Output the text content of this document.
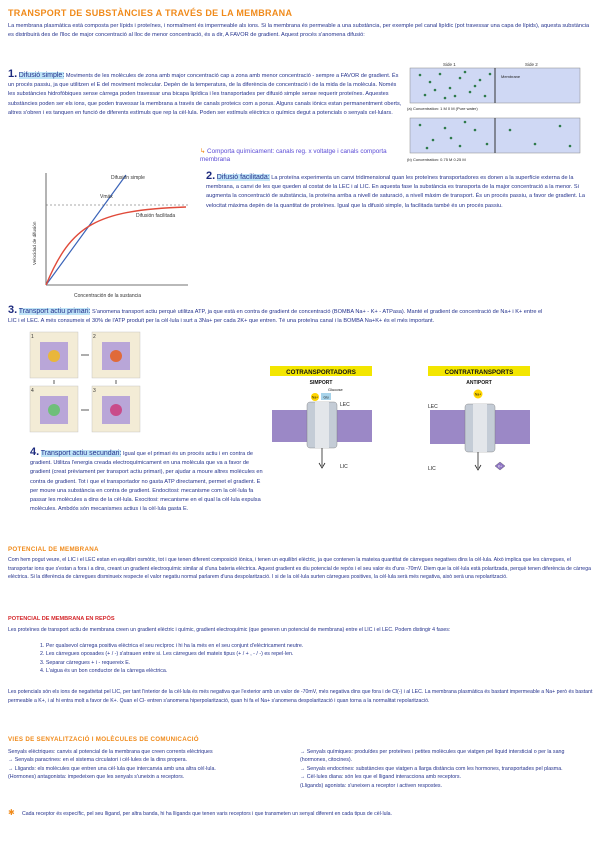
TRANSPORT DE SUBSTÀNCIES A TRAVÉS DE LA MEMBRANA
La membrana plasmàtica està composta per lípids i proteïnes, i normalment és impermeable als ions. Si la membrana és permeable a una substància, per exemple pel canal lipídic (pot travessar una capa de lípids), aquesta substància es distribuirà des de l'lloc de major concentració al lloc de menor concentració, és a dir, A FAVOR de gradient. Aquest procés s'anomena difusió:
1. Difusió simple: Moviments de les molècules de zona amb major concentració cap a zona amb menor concentració - sempre a FAVOR de gradient. És un procés passiu, ja que utilitzen el E del moviment molecular. Depèn de la temperatura, de la diferència de concentració i de la mida de la molècula. Només les substàncies hidrofòbiques sense càrrega poden travessar una bicapa lipídica i les transportades per difusió simple sense requerir proteïnes. Aquestes substàncies poden ser els ions, que poden travessar la membrana a través de canals proteics com a porus. Alguns canals iònics estan permanentment oberts, altres s'obren i es tanquen en funció de diferents estímuls que rep la cèl·lula. Poden ser estímuls elèctrics o químics degut a potencials o senyals cel·lulars.
↳ Comporta químicament: canals reg. x voltatge i canals comporta membrana
Side 1	Side 2
Membrane
(a) Concentration: 1 M 0 M (Pure water)
(b) Concentration: 0.75 M 0.25 M
Difusión simple
Vmáx
Difusión facilitada
Velocidad de difusión
Concentración de la sustancia
2. Difusió facilitada: La proteïna experimenta un canvi tridimensional quan les proteïnes transportadores es donen a la superfície externa de la membrana, a canvi de les que queden al costat de la LEC i al LIC. En aquesta fase la substància es transporta de la major concentració a la menor. Si augmenta la concentració de substància, la proteïna arriba a nivell de saturació, a nivell màxim de transport. És un procés passiu, a favor de gradient. La velocitat màxima depèn de la quantitat de proteïnes. Igual que la difusió simple, la facilitada també és un procés passiu.
3. Transport actiu primari: S'anomena transport actiu perquè utilitza ATP, ja que està en contra de gradient de concentració (BOMBA Na+ - K+ - ATPasa). Manté el gradient de concentració de Na+ i K+ entre el LIC i el LEC. A més consumeix el 30% de l'ATP produït per la cèl·lula i surt a 3Na+ per cada 2K+ que entren. Té una proteïna canal i la BOMBA Na+K+ és el més important.
1	2
4	3
COTRANSPORTADORS
SIMPORT
Glucose
Na+ Glu
LEC
LIC
CONTRATRANSPORTS
ANTIPORT
Na+
LEC
LIC	K+
4. Transport actiu secundari: Igual que el primari és un procés actiu i en contra de gradient. Utilitza l'energia creada electroquímicament en una molècula que va a favor de gradient (creat prèviament per transport actiu primari), per ajudar a moure altres molècules en contra de gradient. Tot i que el transportador no gasta ATP directament, permet el gradient. E per moure una substància en contra de gradient. Endocitosi: mecanisme com la cèl·lula fa passar les molècules a dins de la cèl·lula. Exocitosi: mecanisme en el qual la cèl·lula expulsa molècules. Ambdós són mecanismes actius i la cèl·lula gasta E.
POTENCIAL DE MEMBRANA
Com hem pogut veure, el LIC i el LEC estan en equilibri osmòtic, tot i que tenen diferent composició iònica, i tenen un equilibri elèctric, ja que contenen la mateixa quantitat de càrregues negatives dins la cèl·lula. Això implica que les càrregues, el transportar ions que s'estan a fora i a dins, creant un gradient electroquímic similar al d'una bateria elèctrica. Aquest gradient es diu potencial de repòs i el seu valor és d'uns -70mV. Diem que la cèl·lula està polaritzada, perquè tenen diferència de càrrega elèctrica. Si la diferència de càrregues disminueix respecte el valor negatiu normal parlarem d'una despolarització. I si de la cèl·lula surten càrregues positives, la cèl·lula serà més negativa, això serà una repolarització.
POTENCIAL DE MEMBRANA EN REPÒS
Les proteïnes de transport actiu de membrana creen un gradient elèctric i químic, gradient electroquímic (que generen un potencial de membrana) entre el LIC i el LEC. Podem distingir 4 fases:
1. Per qualsevol càrrega positiva elèctrica el seu recíproc i hi ha la més en el seu conjunt d'elèctricament neutre.
2. Les càrregues oposades (+ / -) s'atrauen entre si. Les càrregues del mateix tipus (+ / + , - / -) es repel·len.
3. Separar càrregues + i - requereix E.
4. L'aigua és un bon conductor de la càrrega elèctrica.
Les potencials són els ions de negativitat pel LIC, per tant l'interior de la cèl·lula és més negativa que l'exterior amb un valor de -70mV, més negativa dins que fora i de Cl(-) i al LEC. La membrana plasmàtica és bastant impermeable a Na+ però és bastant permeable a K+, i al hi entra molt a favor de K+. Quan el Cl- entren s'anomena hiperpolarització, quan hi fa el Na+ s'anomena despolarització i quan torna a la normalitat repolarització.
VIES DE SENYALITZACIÓ I MOLÈCULES DE COMUNICACIÓ
Senyals elèctriques: canvis al potencial de la membrana que creen corrents elèctriques
→ Senyals paracrines: en el sistema circulatori i cèl·lules de la dins propera.
→ Lligands: els molècules que entren una cèl·lula que intercanvia amb una altra cèl·lula.
(Hormones) antagonista: impedeixen que les senyals s'uneixin a receptors.
→ Senyals químiques: produïdes per proteïnes i petites molècules que viatgen pel líquid intersticial o per la sang (hormones, citocines).
→ Senyals endocrines: substàncies que viatgen a llarga distància com les hormones, transportades pel plasma.
→ Cèl·lules diana: són les que el lligand interacciona amb receptors.
(Lligands) agonista: s'uneixen a receptor i activen respostes.
✱ Cada receptor és específic, pel seu lligand, per altra banda, hi ha lligands que tenen varis receptors i que transmeten un senyal diferent en cada tipus de cèl·lula.
